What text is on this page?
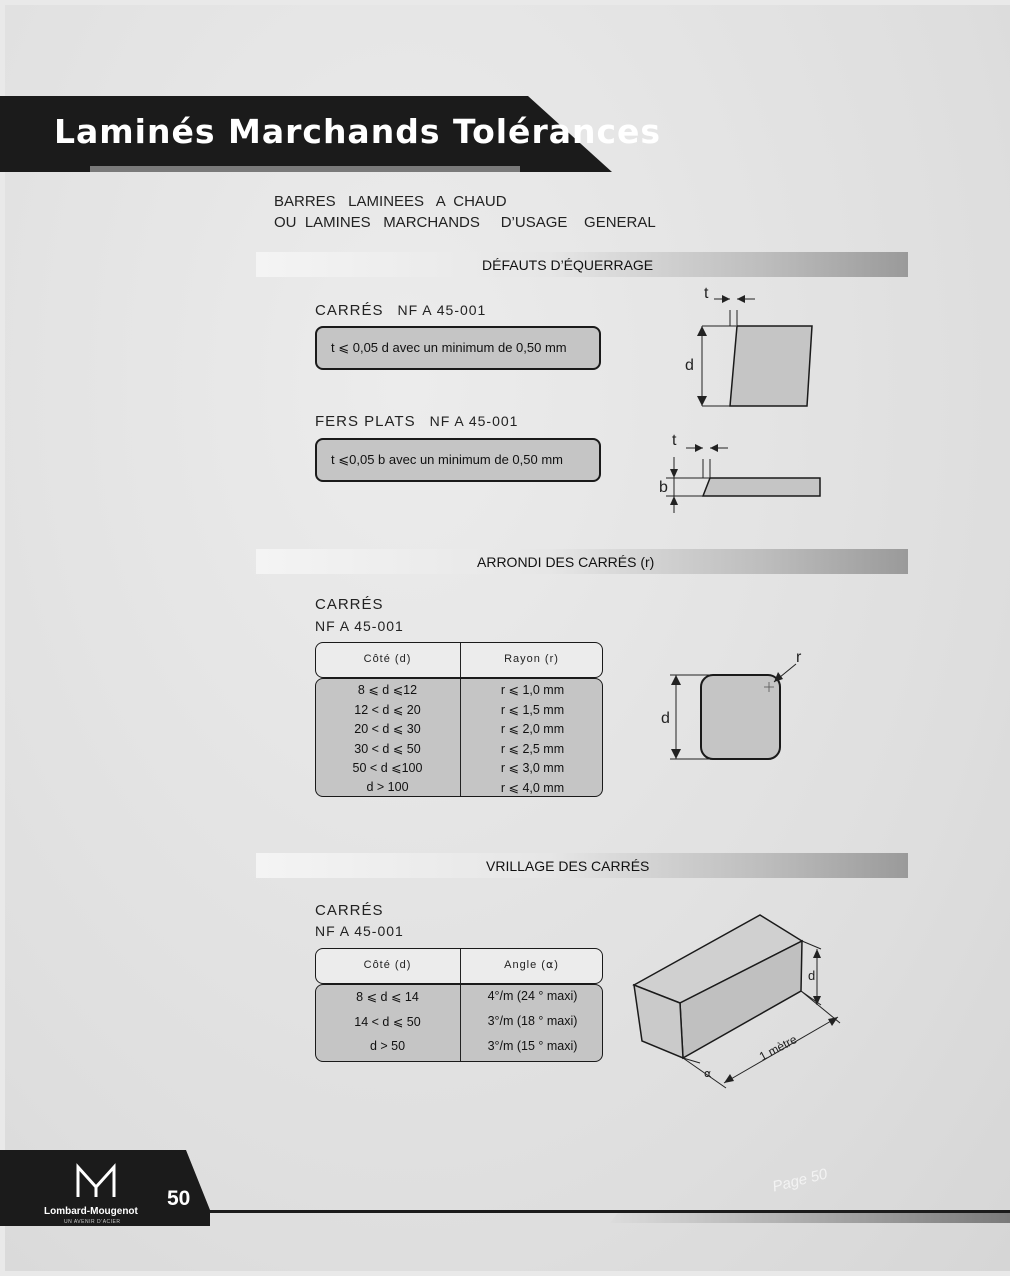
Laminés Marchands Tolérances
BARRES   LAMINEES   A  CHAUD
OU  LAMINES   MARCHANDS     D’USAGE    GENERAL
DÉFAUTS D’ÉQUERRAGE
CARRÉS NF A 45-001
t ⩽ 0,05 d avec un minimum de 0,50 mm
t
d
FERS PLATS NF A 45-001
t ⩽0,05 b avec un minimum de 0,50 mm
t
b
ARRONDI DES CARRÉS (r)
CARRÉS
NF A 45-001
Côté (d)	Rayon (r)
8 ⩽ d ⩽12	r ⩽ 1,0 mm
12 < d ⩽ 20	r ⩽ 1,5 mm
20 < d ⩽ 30	r ⩽ 2,0 mm
30 < d ⩽ 50	r ⩽ 2,5 mm
50 < d ⩽100	r ⩽ 3,0 mm
d > 100	r ⩽ 4,0 mm
r
d
VRILLAGE DES CARRÉS
CARRÉS
NF A 45-001
Côté (d)	Angle (⍺)
8 ⩽ d ⩽ 14	4°/m (24 ° maxi)
14 < d ⩽ 50	3°/m (18 ° maxi)
d > 50	3°/m (15 ° maxi)
d
1 mètre
⍺
Lombard-Mougenot
UN AVENIR D’ACIER
50
Page 50
